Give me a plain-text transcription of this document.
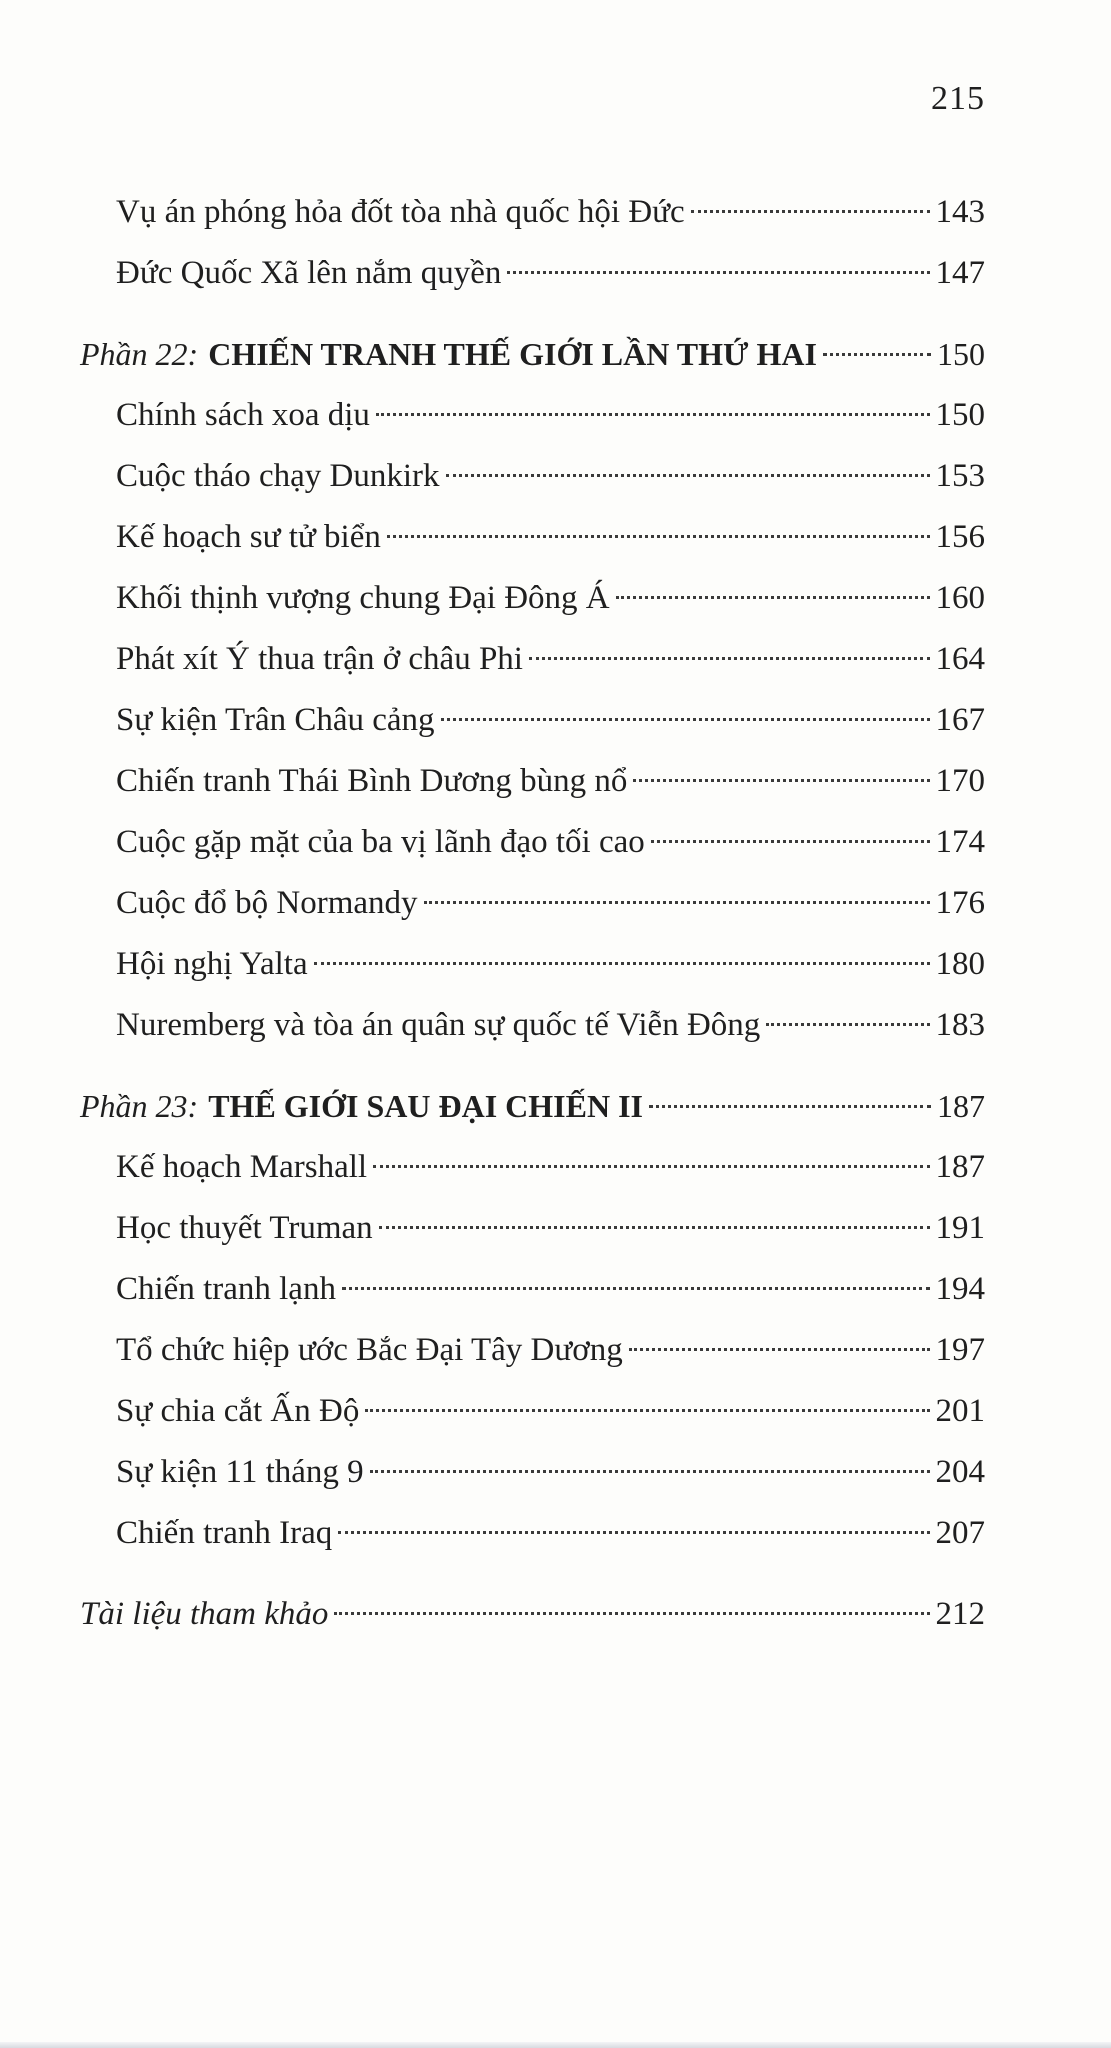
215
Vụ án phóng hỏa đốt tòa nhà quốc hội Đức	143
Đức Quốc Xã lên nắm quyền	147
Phần 22: CHIẾN TRANH THẾ GIỚI LẦN THỨ HAI	150
Chính sách xoa dịu	150
Cuộc tháo chạy Dunkirk	153
Kế hoạch sư tử biển	156
Khối thịnh vượng chung Đại Đông Á	160
Phát xít Ý thua trận ở châu Phi	164
Sự kiện Trân Châu cảng	167
Chiến tranh Thái Bình Dương bùng nổ	170
Cuộc gặp mặt của ba vị lãnh đạo tối cao	174
Cuộc đổ bộ Normandy	176
Hội nghị Yalta	180
Nuremberg và tòa án quân sự quốc tế Viễn Đông	183
Phần 23: THẾ GIỚI SAU ĐẠI CHIẾN II	187
Kế hoạch Marshall	187
Học thuyết Truman	191
Chiến tranh lạnh	194
Tổ chức hiệp ước Bắc Đại Tây Dương	197
Sự chia cắt Ấn Độ	201
Sự kiện 11 tháng 9	204
Chiến tranh Iraq	207
Tài liệu tham khảo	212
